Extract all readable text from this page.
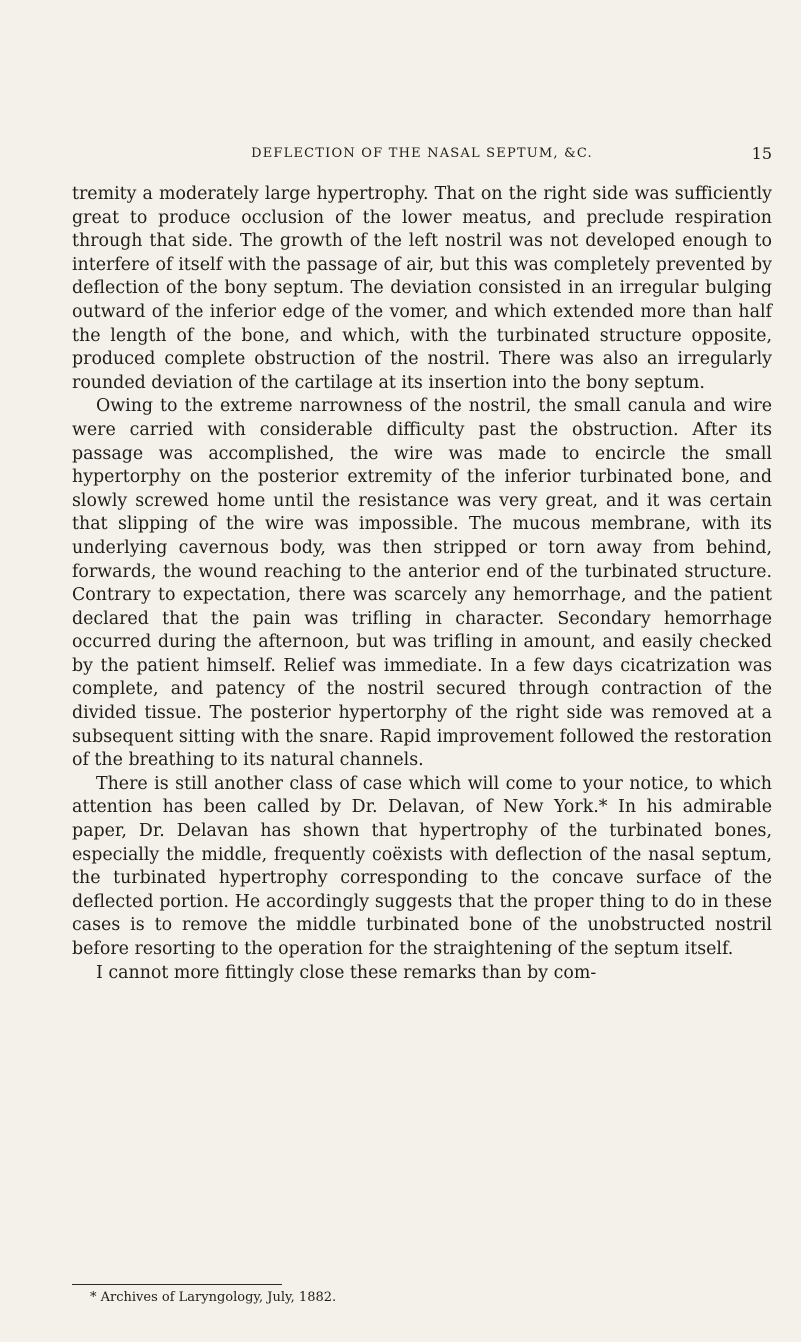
DEFLECTION OF THE NASAL SEPTUM, &C.	15

tremity a moderately large hypertrophy. That on the right side was sufficiently great to produce occlusion of the lower meatus, and preclude respiration through that side. The growth of the left nostril was not developed enough to interfere of itself with the passage of air, but this was completely prevented by deflection of the bony septum. The deviation consisted in an irregular bulging outward of the inferior edge of the vomer, and which extended more than half the length of the bone, and which, with the turbinated structure opposite, produced complete obstruction of the nostril. There was also an irregularly rounded deviation of the cartilage at its insertion into the bony septum.

Owing to the extreme narrowness of the nostril, the small canula and wire were carried with considerable difficulty past the obstruction. After its passage was accomplished, the wire was made to encircle the small hypertorphy on the posterior extremity of the inferior turbinated bone, and slowly screwed home until the resistance was very great, and it was certain that slipping of the wire was impossible. The mucous membrane, with its underlying cavernous body, was then stripped or torn away from behind, forwards, the wound reaching to the anterior end of the turbinated structure. Contrary to expectation, there was scarcely any hemorrhage, and the patient declared that the pain was trifling in character. Secondary hemorrhage occurred during the afternoon, but was trifling in amount, and easily checked by the patient himself. Relief was immediate. In a few days cicatrization was complete, and patency of the nostril secured through contraction of the divided tissue. The posterior hypertorphy of the right side was removed at a subsequent sitting with the snare. Rapid improvement followed the restoration of the breathing to its natural channels.

There is still another class of case which will come to your notice, to which attention has been called by Dr. Delavan, of New York.* In his admirable paper, Dr. Delavan has shown that hypertrophy of the turbinated bones, especially the middle, frequently coëxists with deflection of the nasal septum, the turbinated hypertrophy corresponding to the concave surface of the deflected portion. He accordingly suggests that the proper thing to do in these cases is to remove the middle turbinated bone of the unobstructed nostril before resorting to the operation for the straightening of the septum itself.

I cannot more fittingly close these remarks than by com-

* Archives of Laryngology, July, 1882.
